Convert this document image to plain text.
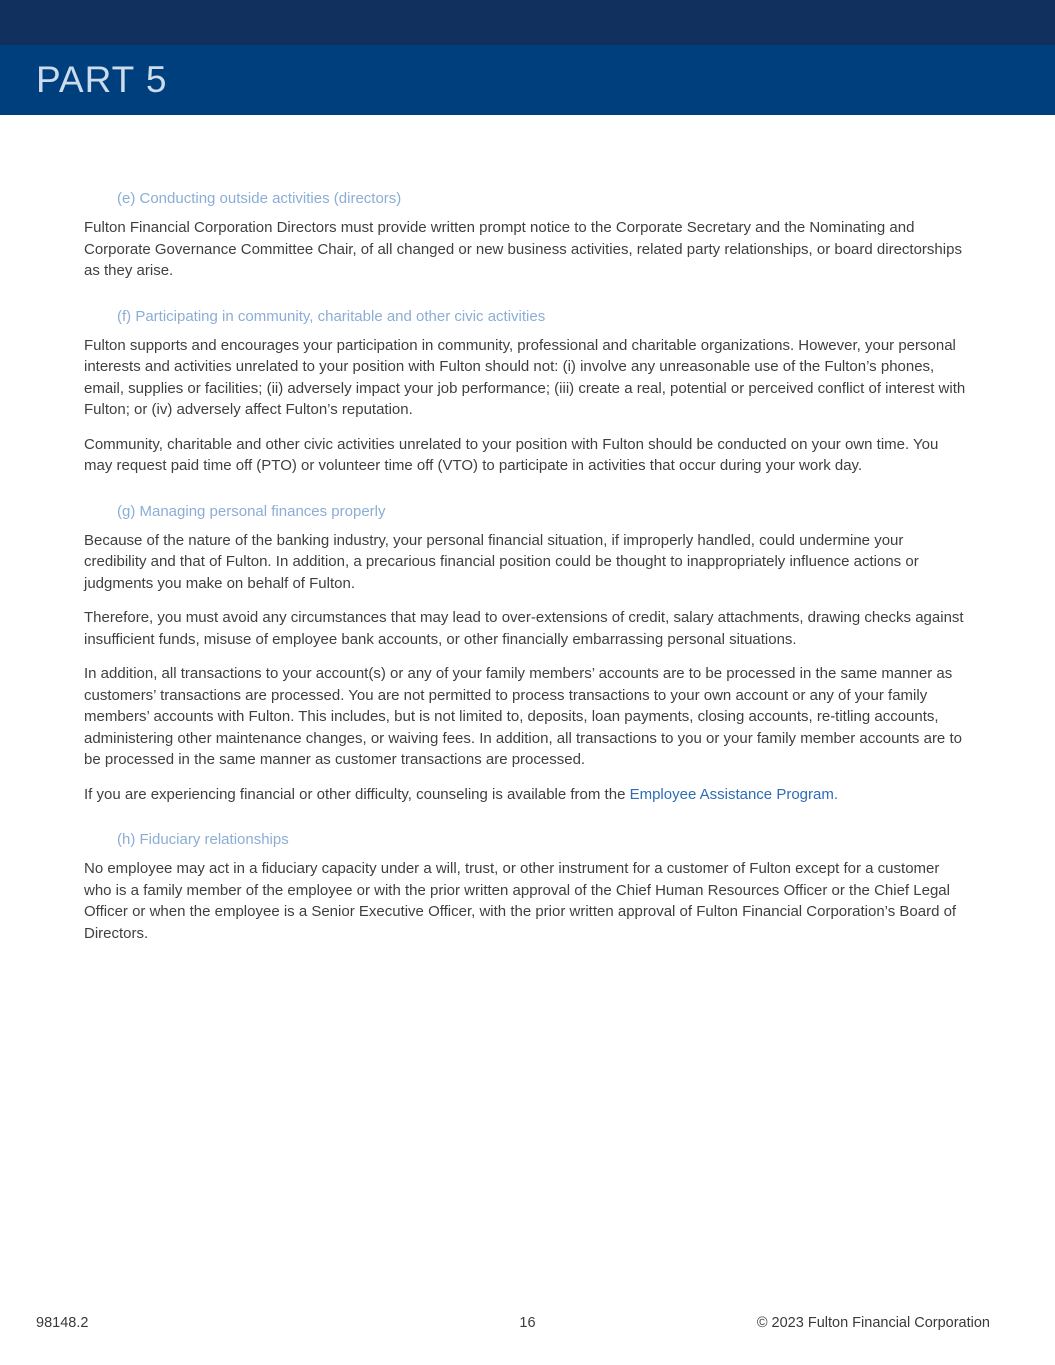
PART 5
(e) Conducting outside activities (directors)

Fulton Financial Corporation Directors must provide written prompt notice to the Corporate Secretary and the Nominating and Corporate Governance Committee Chair, of all changed or new business activities, related party relationships, or board directorships as they arise.

(f) Participating in community, charitable and other civic activities

Fulton supports and encourages your participation in community, professional and charitable organizations. However, your personal interests and activities unrelated to your position with Fulton should not: (i) involve any unreasonable use of the Fulton’s phones, email, supplies or facilities; (ii) adversely impact your job performance; (iii) create a real, potential or perceived conflict of interest with Fulton; or (iv) adversely affect Fulton’s reputation.

Community, charitable and other civic activities unrelated to your position with Fulton should be conducted on your own time. You may request paid time off (PTO) or volunteer time off (VTO) to participate in activities that occur during your work day.

(g) Managing personal finances properly

Because of the nature of the banking industry, your personal financial situation, if improperly handled, could undermine your credibility and that of Fulton. In addition, a precarious financial position could be thought to inappropriately influence actions or judgments you make on behalf of Fulton.

Therefore, you must avoid any circumstances that may lead to over-extensions of credit, salary attachments, drawing checks against insufficient funds, misuse of employee bank accounts, or other financially embarrassing personal situations.

In addition, all transactions to your account(s) or any of your family members’ accounts are to be processed in the same manner as customers’ transactions are processed. You are not permitted to process transactions to your own account or any of your family members’ accounts with Fulton. This includes, but is not limited to, deposits, loan payments, closing accounts, re-titling accounts, administering other maintenance changes, or waiving fees. In addition, all transactions to you or your family member accounts are to be processed in the same manner as customer transactions are processed.

If you are experiencing financial or other difficulty, counseling is available from the Employee Assistance Program.

(h) Fiduciary relationships

No employee may act in a fiduciary capacity under a will, trust, or other instrument for a customer of Fulton except for a customer who is a family member of the employee or with the prior written approval of the Chief Human Resources Officer or the Chief Legal Officer or when the employee is a Senior Executive Officer, with the prior written approval of Fulton Financial Corporation’s Board of Directors.

98148.2	16	© 2023 Fulton Financial Corporation
